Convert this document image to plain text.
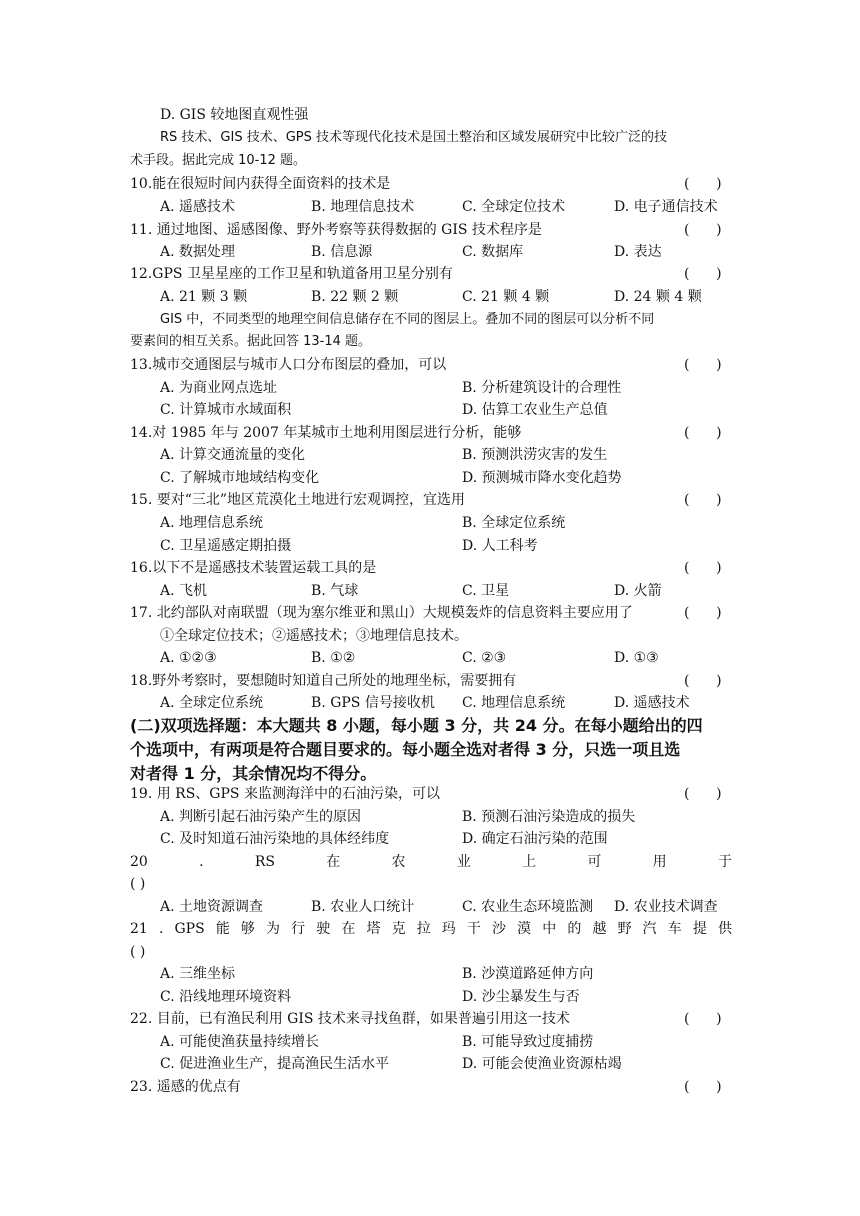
D. GIS 较地图直观性强
RS 技术、GIS 技术、GPS 技术等现代化技术是国土整治和区域发展研究中比较广泛的技
术手段。据此完成 10-12 题。
10.能在很短时间内获得全面资料的技术是	(      )
A. 遥感技术	B. 地理信息技术	C. 全球定位技术	D. 电子通信技术
11. 通过地图、遥感图像、野外考察等获得数据的 GIS 技术程序是	(      )
A. 数据处理	B. 信息源	C. 数据库	D. 表达
12.GPS 卫星星座的工作卫星和轨道备用卫星分别有	(      )
A. 21 颗 3 颗	B. 22 颗 2 颗	C. 21 颗 4 颗	D. 24 颗 4 颗
GIS 中，不同类型的地理空间信息储存在不同的图层上。叠加不同的图层可以分析不同
要素间的相互关系。据此回答 13-14 题。
13.城市交通图层与城市人口分布图层的叠加，可以	(      )
A. 为商业网点选址	B. 分析建筑设计的合理性
C. 计算城市水域面积	D. 估算工农业生产总值
14.对 1985 年与 2007 年某城市土地利用图层进行分析，能够	(      )
A. 计算交通流量的变化	B. 预测洪涝灾害的发生
C. 了解城市地域结构变化	D. 预测城市降水变化趋势
15. 要对“三北”地区荒漠化土地进行宏观调控，宜选用	(      )
A. 地理信息系统	B. 全球定位系统
C. 卫星遥感定期拍摄	D. 人工科考
16.以下不是遥感技术装置运载工具的是	(      )
A. 飞机	B. 气球	C. 卫星	D. 火箭
17. 北约部队对南联盟（现为塞尔维亚和黑山）大规模轰炸的信息资料主要应用了	(      )
①全球定位技术；②遥感技术；③地理信息技术。
A. ①②③	B. ①②	C. ②③	D. ①③
18.野外考察时，要想随时知道自己所处的地理坐标，需要拥有	(      )
A. 全球定位系统	B. GPS 信号接收机 C. 地理信息系统	D. 遥感技术
(二)双项选择题：本大题共 8 小题，每小题 3 分，共 24 分。在每小题给出的四
个选项中，有两项是符合题目要求的。每小题全选对者得 3 分，只选一项且选
对者得 1 分，其余情况均不得分。
19. 用 RS、GPS 来监测海洋中的石油污染，可以	(      )
A. 判断引起石油污染产生的原因	B. 预测石油污染造成的损失
C. 及时知道石油污染地的具体经纬度	D. 确定石油污染的范围
20	.	RS	在	农	业	上	可	用	于
( )
A. 土地资源调查	B. 农业人口统计	C. 农业生态环境监测 D. 农业技术调查
21 . GPS 能 够 为 行 驶 在 塔 克 拉 玛 干 沙 漠 中 的 越 野 汽 车 提 供
( )
A. 三维坐标	B. 沙漠道路延伸方向
C. 沿线地理环境资料	D. 沙尘暴发生与否
22. 目前，已有渔民利用 GIS 技术来寻找鱼群，如果普遍引用这一技术	(      )
A. 可能使渔获量持续增长	B. 可能导致过度捕捞
C. 促进渔业生产，提高渔民生活水平	D. 可能会使渔业资源枯竭
23. 遥感的优点有	(      )
